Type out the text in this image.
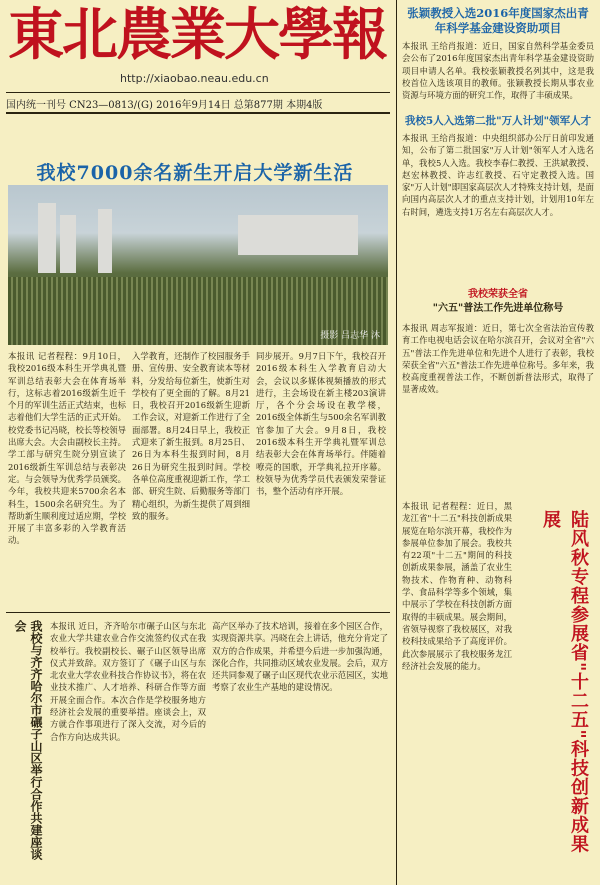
東北農業大學報
http://xiaobao.neau.edu.cn
国内统一刊号 CN23—0813/(G) 2016年9月14日 总第877期 本期4版
我校7000余名新生开启大学新生活
摄影 吕志华 沐
本报讯 记者程程：9月10日，我校2016级本科生开学典礼暨军训总结表彰大会在体育场举行，这标志着2016级新生近千个月的军训生活正式结束，也标志着他们大学生活的正式开始。校党委书记冯晓，校长等校领导出席大会。大会由副校长主持。学工部与研究生院分别宣读了2016级新生军训总结与表彰决定。与会领导为优秀学员颁奖。今年，我校共迎来5700余名本科生，1500余名研究生。为了帮助新生顺利度过适应期，学校开展了丰富多彩的入学教育活动。
入学教育，还制作了校园服务手册、宣传册、安全教育读本等材料，分发给每位新生，使新生对学校有了更全面的了解。8月21日，我校召开2016级新生迎新工作会议，对迎新工作进行了全面部署。8月24日早上，我校正式迎来了新生报到。8月25日、26日为本科生报到时间，8月26日为研究生报到时间。学校各单位高度重视迎新工作，学工部、研究生院、后勤服务等部门精心组织，为新生提供了周到细致的服务。
同步展开。9月7日下午，我校召开2016级本科生入学教育启动大会，会议以多媒体视频播放的形式进行，主会场设在新主楼203演讲厅，各个分会场设在教学楼，2016级全体新生与500余名军训教官参加了大会。9月8日，我校2016级本科生开学典礼暨军训总结表彰大会在体育场举行。伴随着嘹亮的国歌，开学典礼拉开序幕。校领导为优秀学员代表颁发荣誉证书，整个活动有序开展。
我校与齐齐哈尔市碾子山区举行合作共建座谈会	本报讯 近日，齐齐哈尔市碾子山区与东北农业大学共建农业合作交流签约仪式在我校举行。我校副校长、碾子山区领导出席仪式并致辞。双方签订了《碾子山区与东北农业大学农业科技合作协议书》，将在农业技术推广、人才培养、科研合作等方面开展全面合作。本次合作是学校服务地方经济社会发展的重要举措。座谈会上，双方就合作事项进行了深入交流，对今后的合作方向达成共识。
高产区举办了技术培训，接着在多个园区合作，实现资源共享。冯晓在会上讲话，他充分肯定了双方的合作成果，并希望今后进一步加强沟通，深化合作，共同推动区域农业发展。会后，双方还共同参观了碾子山区现代农业示范园区，实地考察了农业生产基地的建设情况。
张颖教授入选2016年度国家杰出青年科学基金建设资助项目
本报讯 王给肖报道：近日，国家自然科学基金委员会公布了2016年度国家杰出青年科学基金建设资助项目申请人名单。我校张颖教授名列其中，这是我校首位入选该项目的教师。张颖教授长期从事农业资源与环境方面的研究工作，取得了丰硕成果。
我校5人入选第二批"万人计划"领军人才
本报讯 王给肖报道：中央组织部办公厅日前印发通知，公布了第二批国家"万人计划"领军人才入选名单，我校5人入选。我校李春仁教授、王洪斌教授、赵宏林教授、许志红教授、石守定教授入选。国家"万人计划"即国家高层次人才特殊支持计划，是面向国内高层次人才的重点支持计划，计划用10年左右时间，遴选支持1万名左右高层次人才。
我校荣获全省
"六五"普法工作先进单位称号
本报讯 周志军报道：近日，第七次全省法治宣传教育工作电视电话会议在哈尔滨召开，会议对全省"六五"普法工作先进单位和先进个人进行了表彰，我校荣获全省"六五"普法工作先进单位称号。多年来，我校高度重视普法工作，不断创新普法形式，取得了显著成效。
本报讯 记者程程：近日，黑龙江省"十二五"科技创新成果展览在哈尔滨开幕，我校作为参展单位参加了展会。我校共有22项"十二五"期间的科技创新成果参展，涵盖了农业生物技术、作物育种、动物科学、食品科学等多个领域，集中展示了学校在科技创新方面取得的丰硕成果。展会期间，省领导视察了我校展区，对我校科技成果给予了高度评价。此次参展展示了我校服务龙江经济社会发展的能力。	陆风秋专程参展省"十二五"科技创新成果展
